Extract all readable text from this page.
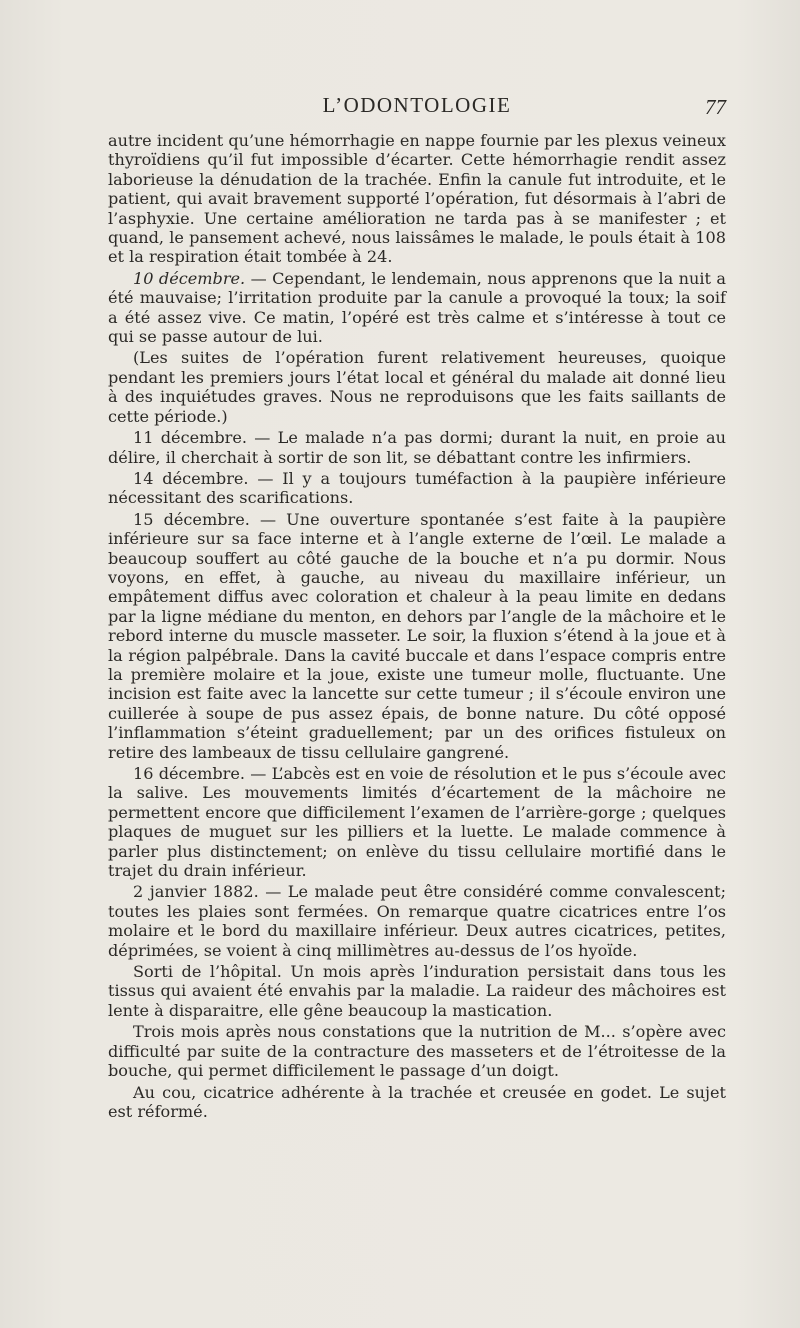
L’ODONTOLOGIE	77

autre incident qu’une hémorrhagie en nappe fournie par les plexus veineux thyroïdiens qu’il fut impossible d’écarter. Cette hémorrhagie rendit assez laborieuse la dénudation de la trachée. Enfin la canule fut introduite, et le patient, qui avait bravement supporté l’opération, fut désormais à l’abri de l’asphyxie. Une certaine amélioration ne tarda pas à se manifester ; et quand, le pansement achevé, nous laissâmes le malade, le pouls était à 108 et la respiration était tombée à 24.

10 décembre. — Cependant, le lendemain, nous apprenons que la nuit a été mauvaise; l’irritation produite par la canule a provoqué la toux; la soif a été assez vive. Ce matin, l’opéré est très calme et s’intéresse à tout ce qui se passe autour de lui.

(Les suites de l’opération furent relativement heureuses, quoique pendant les premiers jours l’état local et général du malade ait donné lieu à des inquiétudes graves. Nous ne reproduisons que les faits saillants de cette période.)

11 décembre. — Le malade n’a pas dormi; durant la nuit, en proie au délire, il cherchait à sortir de son lit, se débattant contre les infirmiers.

14 décembre. — Il y a toujours tuméfaction à la paupière inférieure nécessitant des scarifications.

15 décembre. — Une ouverture spontanée s’est faite à la paupière inférieure sur sa face interne et à l’angle externe de l’œil. Le malade a beaucoup souffert au côté gauche de la bouche et n’a pu dormir. Nous voyons, en effet, à gauche, au niveau du maxillaire inférieur, un empâtement diffus avec coloration et chaleur à la peau limite en dedans par la ligne médiane du menton, en dehors par l’angle de la mâchoire et le rebord interne du muscle masseter. Le soir, la fluxion s’étend à la joue et à la région palpébrale. Dans la cavité buccale et dans l’espace compris entre la première molaire et la joue, existe une tumeur molle, fluctuante. Une incision est faite avec la lancette sur cette tumeur ; il s’écoule environ une cuillerée à soupe de pus assez épais, de bonne nature. Du côté opposé l’inflammation s’éteint graduellement; par un des orifices fistuleux on retire des lambeaux de tissu cellulaire gangrené.

16 décembre. — L’abcès est en voie de résolution et le pus s’écoule avec la salive. Les mouvements limités d’écartement de la mâchoire ne permettent encore que difficilement l’examen de l’arrière-gorge ; quelques plaques de muguet sur les pilliers et la luette. Le malade commence à parler plus distinctement; on enlève du tissu cellulaire mortifié dans le trajet du drain inférieur.

2 janvier 1882. — Le malade peut être considéré comme convalescent; toutes les plaies sont fermées. On remarque quatre cicatrices entre l’os molaire et le bord du maxillaire inférieur. Deux autres cicatrices, petites, déprimées, se voient à cinq millimètres au-dessus de l’os hyoïde.

Sorti de l’hôpital. Un mois après l’induration persistait dans tous les tissus qui avaient été envahis par la maladie. La raideur des mâchoires est lente à disparaitre, elle gêne beaucoup la mastication.

Trois mois après nous constations que la nutrition de M... s’opère avec difficulté par suite de la contracture des masseters et de l’étroitesse de la bouche, qui permet difficilement le passage d’un doigt.

Au cou, cicatrice adhérente à la trachée et creusée en godet. Le sujet est réformé.
